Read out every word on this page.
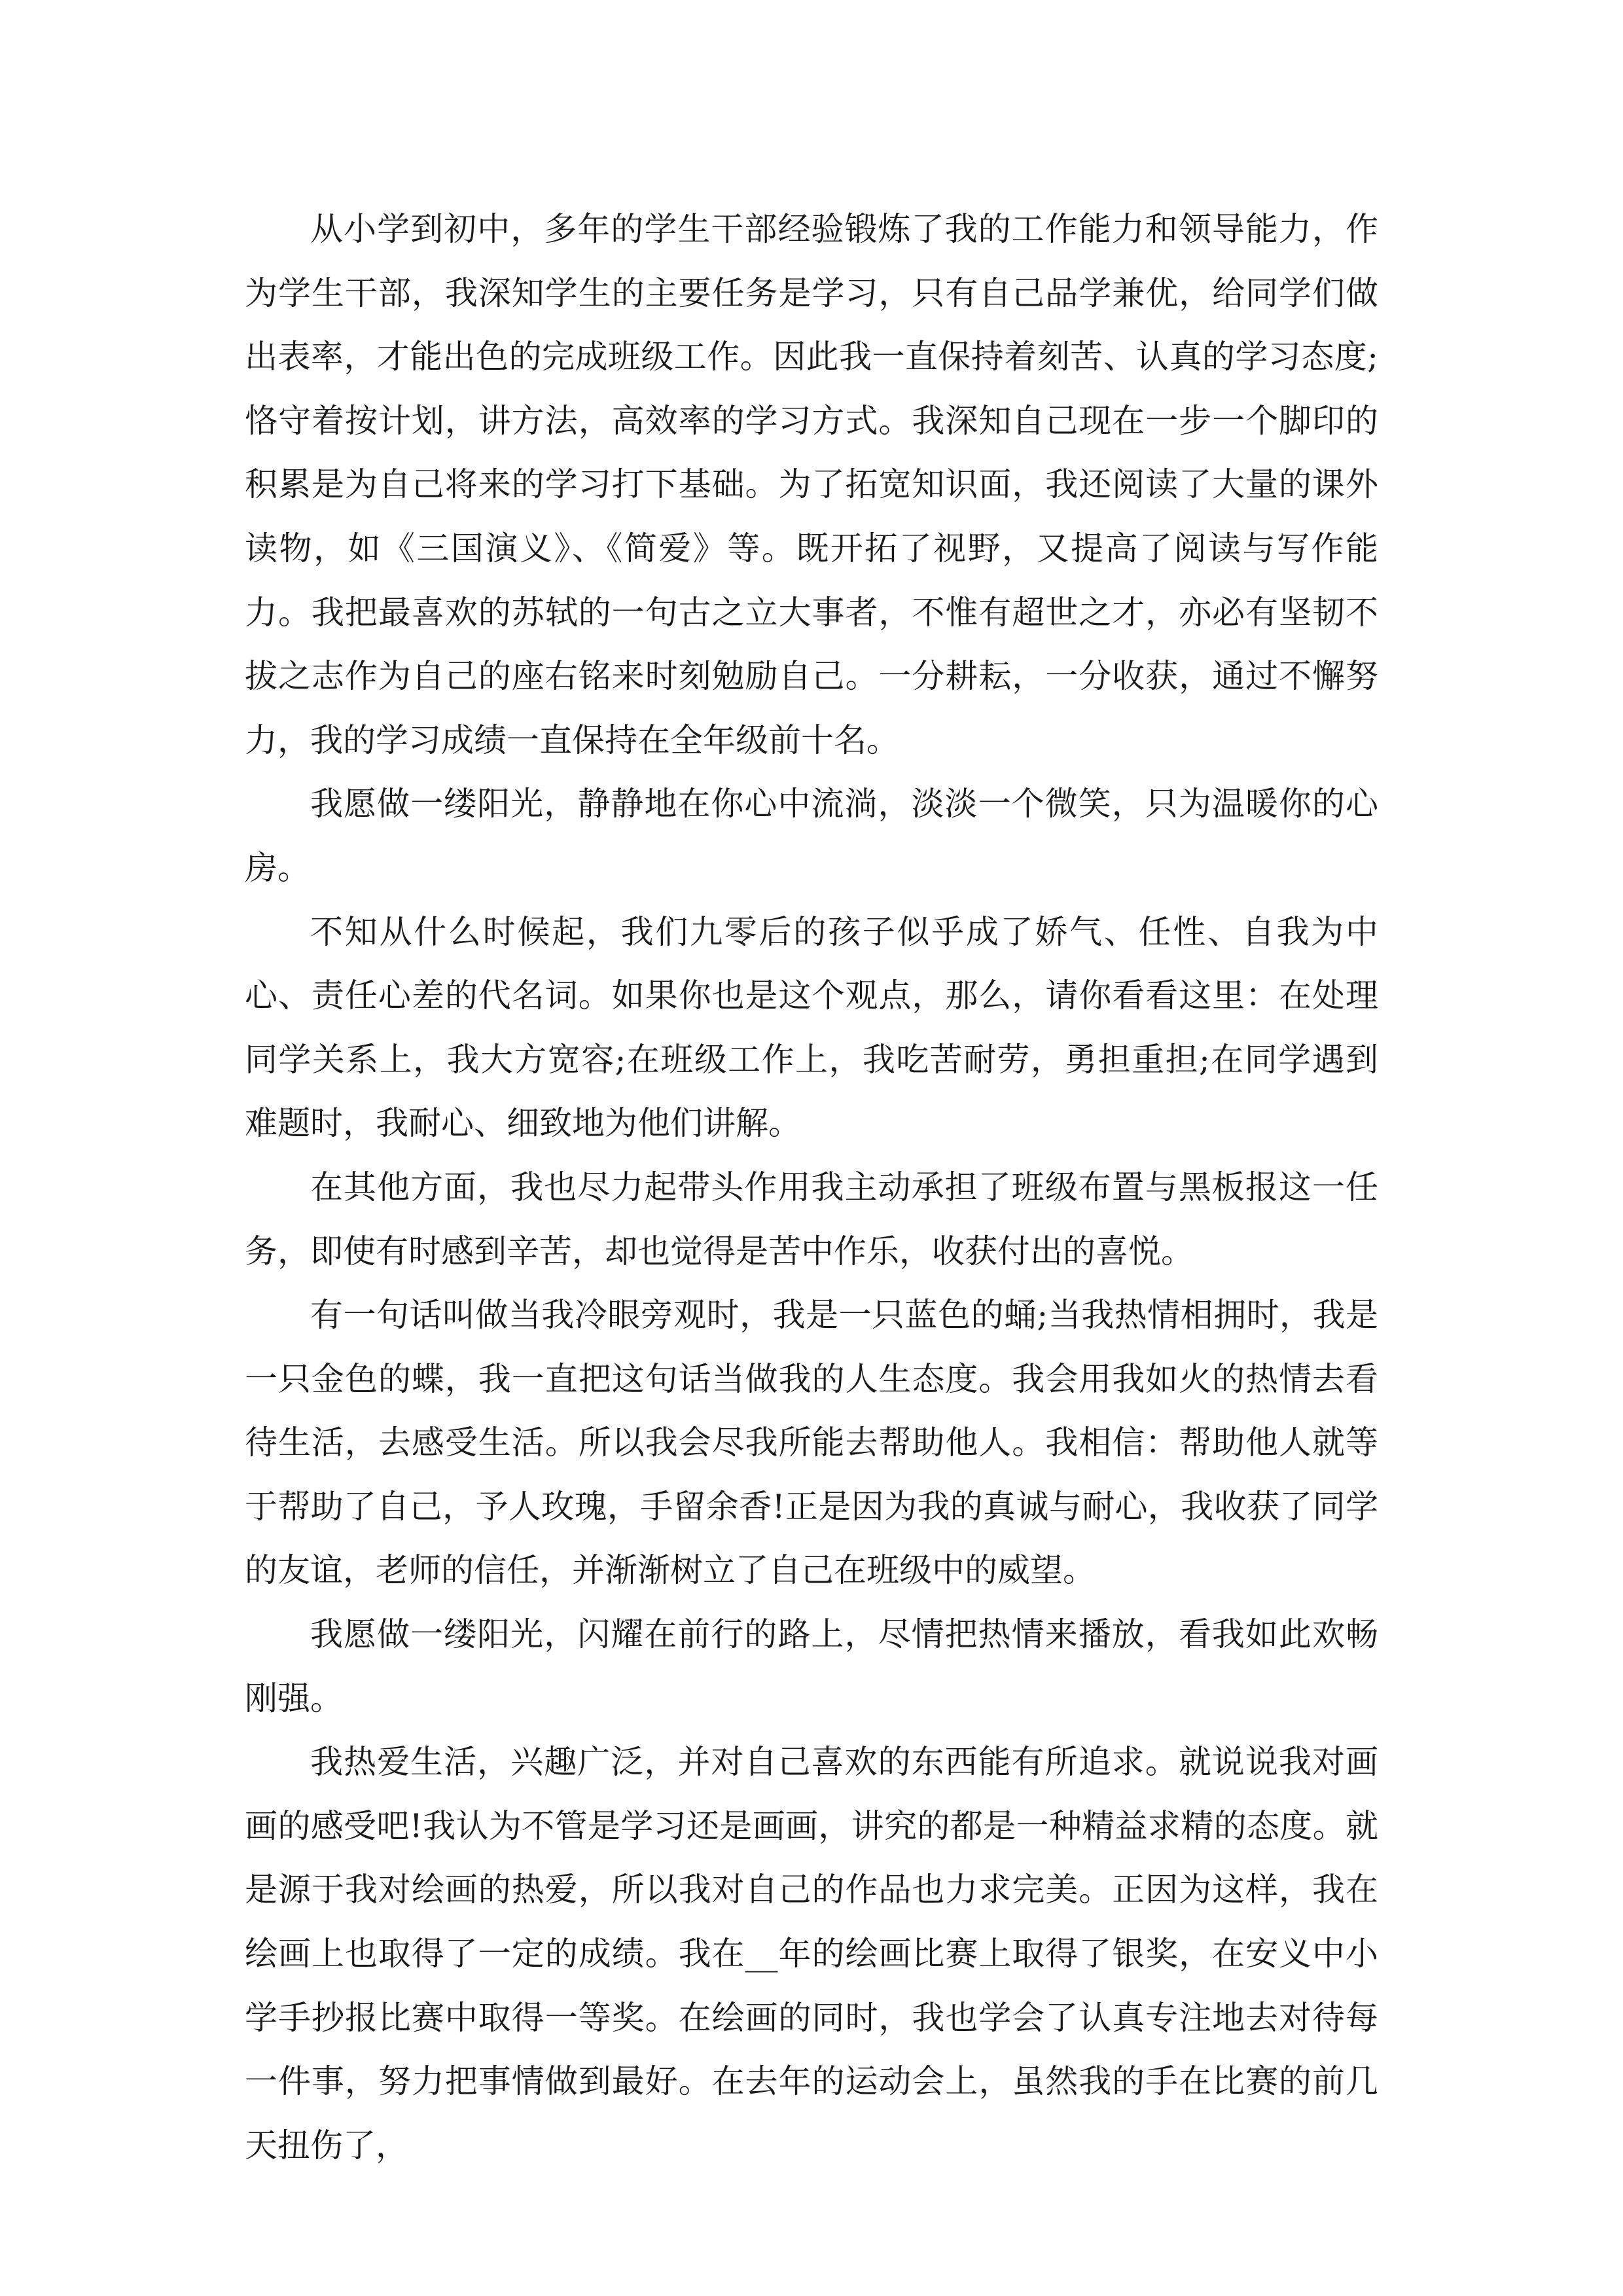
从小学到初中，多年的学生干部经验锻炼了我的工作能力和领导能力，作为学生干部，我深知学生的主要任务是学习，只有自己品学兼优，给同学们做出表率，才能出色的完成班级工作。因此我一直保持着刻苦、认真的学习态度;恪守着按计划，讲方法，高效率的学习方式。我深知自己现在一步一个脚印的积累是为自己将来的学习打下基础。为了拓宽知识面，我还阅读了大量的课外读物，如《三国演义》、《简爱》等。既开拓了视野，又提高了阅读与写作能力。我把最喜欢的苏轼的一句古之立大事者，不惟有超世之才，亦必有坚韧不拔之志作为自己的座右铭来时刻勉励自己。一分耕耘，一分收获，通过不懈努力，我的学习成绩一直保持在全年级前十名。

我愿做一缕阳光，静静地在你心中流淌，淡淡一个微笑，只为温暖你的心房。

不知从什么时候起，我们九零后的孩子似乎成了娇气、任性、自我为中心、责任心差的代名词。如果你也是这个观点，那么，请你看看这里：在处理同学关系上，我大方宽容;在班级工作上，我吃苦耐劳，勇担重担;在同学遇到难题时，我耐心、细致地为他们讲解。

在其他方面，我也尽力起带头作用我主动承担了班级布置与黑板报这一任务，即使有时感到辛苦，却也觉得是苦中作乐，收获付出的喜悦。

有一句话叫做当我冷眼旁观时，我是一只蓝色的蛹;当我热情相拥时，我是一只金色的蝶，我一直把这句话当做我的人生态度。我会用我如火的热情去看待生活，去感受生活。所以我会尽我所能去帮助他人。我相信：帮助他人就等于帮助了自己，予人玫瑰，手留余香!正是因为我的真诚与耐心，我收获了同学的友谊，老师的信任，并渐渐树立了自己在班级中的威望。

我愿做一缕阳光，闪耀在前行的路上，尽情把热情来播放，看我如此欢畅刚强。

我热爱生活，兴趣广泛，并对自己喜欢的东西能有所追求。就说说我对画画的感受吧!我认为不管是学习还是画画，讲究的都是一种精益求精的态度。就是源于我对绘画的热爱，所以我对自己的作品也力求完美。正因为这样，我在绘画上也取得了一定的成绩。我在__年的绘画比赛上取得了银奖，在安义中小学手抄报比赛中取得一等奖。在绘画的同时，我也学会了认真专注地去对待每一件事，努力把事情做到最好。在去年的运动会上，虽然我的手在比赛的前几天扭伤了，
